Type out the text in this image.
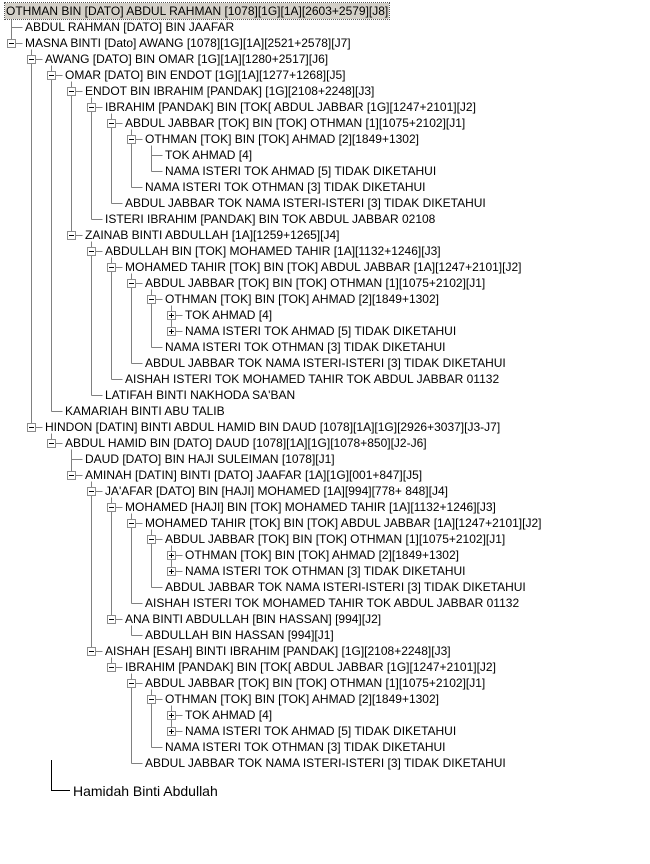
OTHMAN BIN [DATO] ABDUL RAHMAN [1078][1G][1A][2603+2579][J8]
ABDUL RAHMAN [DATO] BIN JAAFAR
MASNA BINTI [Dato] AWANG [1078][1G][1A][2521+2578][J7]
AWANG [DATO] BIN OMAR [1G][1A][1280+2517][J6]
OMAR [DATO] BIN ENDOT [1G][1A][1277+1268][J5]
ENDOT BIN IBRAHIM [PANDAK] [1G][2108+2248][J3]
IBRAHIM [PANDAK] BIN [TOK[ ABDUL JABBAR [1G][1247+2101][J2]
ABDUL JABBAR [TOK] BIN [TOK] OTHMAN [1][1075+2102][J1]
OTHMAN [TOK] BIN [TOK] AHMAD [2][1849+1302]
TOK AHMAD [4]
NAMA ISTERI TOK AHMAD [5] TIDAK DIKETAHUI
NAMA ISTERI TOK OTHMAN [3] TIDAK DIKETAHUI
ABDUL JABBAR TOK NAMA ISTERI-ISTERI [3] TIDAK DIKETAHUI
ISTERI IBRAHIM [PANDAK] BIN TOK ABDUL JABBAR 02108
ZAINAB BINTI ABDULLAH [1A][1259+1265][J4]
ABDULLAH BIN [TOK] MOHAMED TAHIR [1A][1132+1246][J3]
MOHAMED TAHIR [TOK] BIN [TOK] ABDUL JABBAR [1A][1247+2101][J2]
ABDUL JABBAR [TOK] BIN [TOK] OTHMAN [1][1075+2102][J1]
OTHMAN [TOK] BIN [TOK] AHMAD [2][1849+1302]
TOK AHMAD [4]
NAMA ISTERI TOK AHMAD [5] TIDAK DIKETAHUI
NAMA ISTERI TOK OTHMAN [3] TIDAK DIKETAHUI
ABDUL JABBAR TOK NAMA ISTERI-ISTERI [3] TIDAK DIKETAHUI
AISHAH ISTERI TOK MOHAMED TAHIR TOK ABDUL JABBAR 01132
LATIFAH BINTI NAKHODA SA'BAN
KAMARIAH BINTI ABU TALIB
HINDON [DATIN] BINTI ABDUL HAMID BIN DAUD [1078][1A][1G][2926+3037][J3-J7]
ABDUL HAMID BIN [DATO] DAUD [1078][1A][1G][1078+850][J2-J6]
DAUD [DATO] BIN HAJI SULEIMAN [1078][J1]
AMINAH [DATIN] BINTI [DATO] JAAFAR [1A][1G][001+847][J5]
JA'AFAR [DATO] BIN [HAJI] MOHAMED [1A][994][778+ 848][J4]
MOHAMED [HAJI] BIN [TOK] MOHAMED TAHIR [1A][1132+1246][J3]
MOHAMED TAHIR [TOK] BIN [TOK] ABDUL JABBAR [1A][1247+2101][J2]
ABDUL JABBAR [TOK] BIN [TOK] OTHMAN [1][1075+2102][J1]
OTHMAN [TOK] BIN [TOK] AHMAD [2][1849+1302]
NAMA ISTERI TOK OTHMAN [3] TIDAK DIKETAHUI
ABDUL JABBAR TOK NAMA ISTERI-ISTERI [3] TIDAK DIKETAHUI
AISHAH ISTERI TOK MOHAMED TAHIR TOK ABDUL JABBAR 01132
ANA BINTI ABDULLAH [BIN HASSAN] [994][J2]
ABDULLAH BIN HASSAN [994][J1]
AISHAH [ESAH] BINTI IBRAHIM [PANDAK] [1G][2108+2248][J3]
IBRAHIM [PANDAK] BIN [TOK[ ABDUL JABBAR [1G][1247+2101][J2]
ABDUL JABBAR [TOK] BIN [TOK] OTHMAN [1][1075+2102][J1]
OTHMAN [TOK] BIN [TOK] AHMAD [2][1849+1302]
TOK AHMAD [4]
NAMA ISTERI TOK AHMAD [5] TIDAK DIKETAHUI
NAMA ISTERI TOK OTHMAN [3] TIDAK DIKETAHUI
ABDUL JABBAR TOK NAMA ISTERI-ISTERI [3] TIDAK DIKETAHUI
Hamidah Binti Abdullah
